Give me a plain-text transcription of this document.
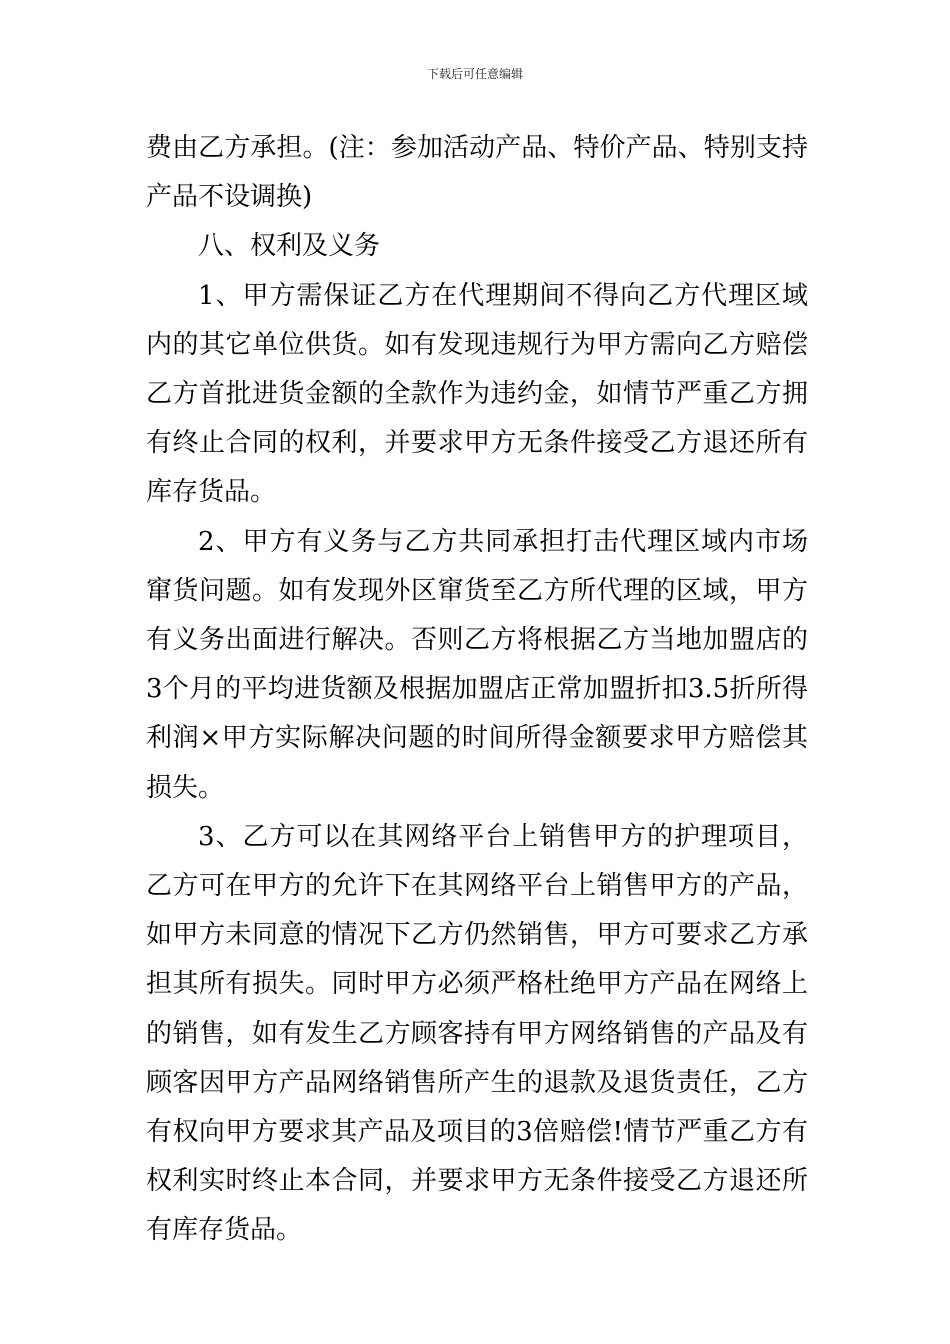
下载后可任意编辑

费由乙方承担。(注：参加活动产品、特价产品、特别支持产品不设调换)

八、权利及义务

1、甲方需保证乙方在代理期间不得向乙方代理区域内的其它单位供货。如有发现违规行为甲方需向乙方赔偿乙方首批进货金额的全款作为违约金，如情节严重乙方拥有终止合同的权利，并要求甲方无条件接受乙方退还所有库存货品。

2、甲方有义务与乙方共同承担打击代理区域内市场窜货问题。如有发现外区窜货至乙方所代理的区域，甲方有义务出面进行解决。否则乙方将根据乙方当地加盟店的3个月的平均进货额及根据加盟店正常加盟折扣3.5折所得利润×甲方实际解决问题的时间所得金额要求甲方赔偿其损失。

3、乙方可以在其网络平台上销售甲方的护理项目，乙方可在甲方的允许下在其网络平台上销售甲方的产品，如甲方未同意的情况下乙方仍然销售，甲方可要求乙方承担其所有损失。同时甲方必须严格杜绝甲方产品在网络上的销售，如有发生乙方顾客持有甲方网络销售的产品及有顾客因甲方产品网络销售所产生的退款及退货责任，乙方有权向甲方要求其产品及项目的3倍赔偿!情节严重乙方有权利实时终止本合同，并要求甲方无条件接受乙方退还所有库存货品。
